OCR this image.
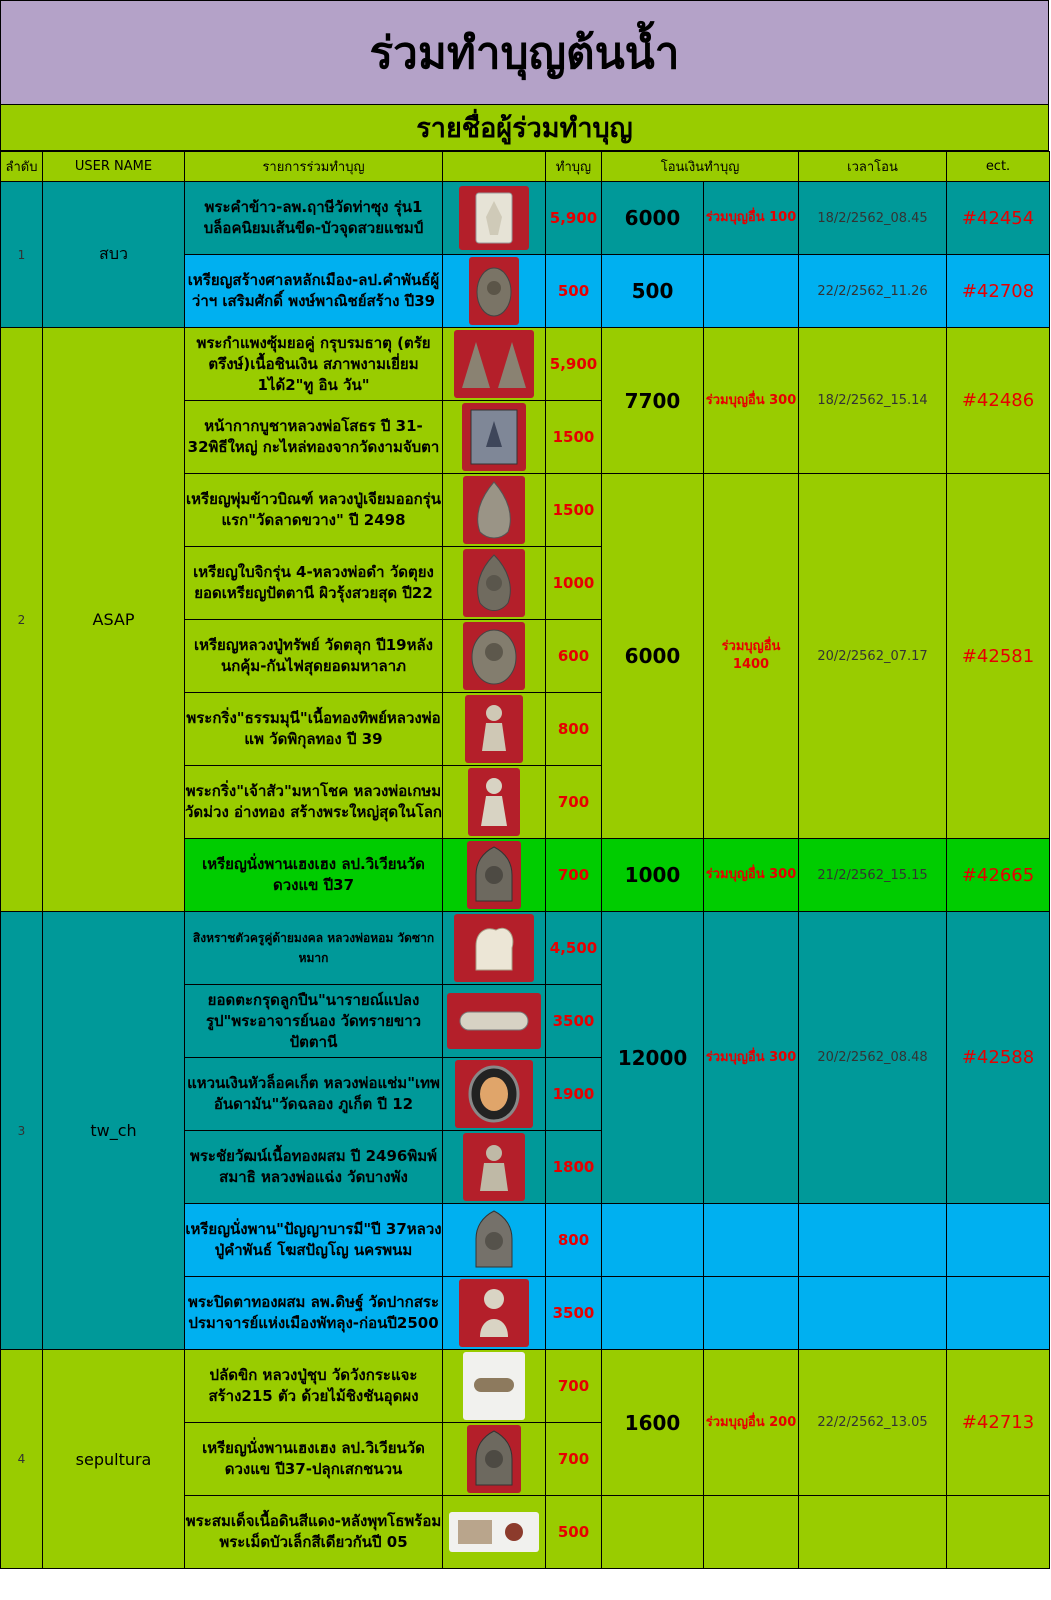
ร่วมทำบุญต้นน้ำ
รายชื่อผู้ร่วมทำบุญ
ลำดับ	USER NAME	รายการร่วมทำบุญ		ทำบุญ	โอนเงินทำบุญ		เวลาโอน	ect.
1	สบว	พระคำข้าว-ลพ.ฤาษีวัดท่าซุง รุ่น1 บล็อคนิยมเส้นขีด-บัวจุดสวยแชมป์		5,900	6000	ร่วมบุญอื่น 100	18/2/2562_08.45	#42454
		เหรียญสร้างศาลหลักเมือง-ลป.คำพันธ์ผู้ว่าฯ เสริมศักดิ์ พงษ์พาณิชย์สร้าง ปี39		500	500		22/2/2562_11.26	#42708
2	ASAP	พระกำแพงซุ้มยอคู่ กรุบรมธาตุ (ตรัยตรึงษ์)เนื้อชินเงิน สภาพงามเยี่ยม 1ได้2"ทู อิน วัน"		5,900	7700	ร่วมบุญอื่น 300	18/2/2562_15.14	#42486
		หน้ากากบูชาหลวงพ่อโสธร ปี 31-32พิธีใหญ่ กะไหล่ทองจากวัดงามจับตา		1500				
		เหรียญพุ่มข้าวบิณฑ์ หลวงปู่เจียมออกรุ่นแรก"วัดลาดขวาง" ปี 2498		1500	6000	ร่วมบุญอื่น 1400	20/2/2562_07.17	#42581
		เหรียญใบจิกรุ่น 4-หลวงพ่อดำ วัดตุยงยอดเหรียญปัตตานี ผิวรุ้งสวยสุด ปี22		1000				
		เหรียญหลวงปู่ทรัพย์ วัดตลุก ปี19หลังนกคุ้ม-กันไฟสุดยอดมหาลาภ		600				
		พระกริ่ง"ธรรมมุนี"เนื้อทองทิพย์หลวงพ่อแพ วัดพิกุลทอง ปี 39		800				
		พระกริ่ง"เจ้าสัว"มหาโชค หลวงพ่อเกษมวัดม่วง อ่างทอง สร้างพระใหญ่สุดในโลก		700				
		เหรียญนั่งพานเฮงเฮง ลป.วิเวียนวัดดวงแข ปี37		700	1000	ร่วมบุญอื่น 300	21/2/2562_15.15	#42665
3	tw_ch	สิงหราชตัวครูคู่ด้ายมงคล หลวงพ่อหอม วัดซากหมาก		4,500	12000	ร่วมบุญอื่น 300	20/2/2562_08.48	#42588
		ยอดตะกรุดลูกปืน"นารายณ์แปลงรูป"พระอาจารย์นอง วัดทรายขาวปัตตานี		3500				
		แหวนเงินหัวล็อคเก็ต หลวงพ่อแช่ม"เทพอันดามัน"วัดฉลอง ภูเก็ต ปี 12		1900				
		พระชัยวัฒน์เนื้อทองผสม ปี 2496พิมพ์สมาธิ หลวงพ่อแฉ่ง วัดบางพัง		1800				
		เหรียญนั่งพาน"ปัญญาบารมี"ปี 37หลวงปู่คำพันธ์ โฆสปัญโญ นครพนม		800				
		พระปิดตาทองผสม ลพ.ดิษฐ์ วัดปากสระปรมาจารย์แห่งเมืองพัทลุง-ก่อนปี2500		3500				
4	sepultura	ปลัดขิก หลวงปู่ชุบ วัดวังกระแจะสร้าง215 ตัว ด้วยไม้ชิงชันอุดผง		700	1600	ร่วมบุญอื่น 200	22/2/2562_13.05	#42713
		เหรียญนั่งพานเฮงเฮง ลป.วิเวียนวัดดวงแข ปี37-ปลุกเสกชนวน		700				
		พระสมเด็จเนื้อดินสีแดง-หลังพุทโธพร้อมพระเม็ดบัวเล็กสีเดียวกันปี 05		500				
